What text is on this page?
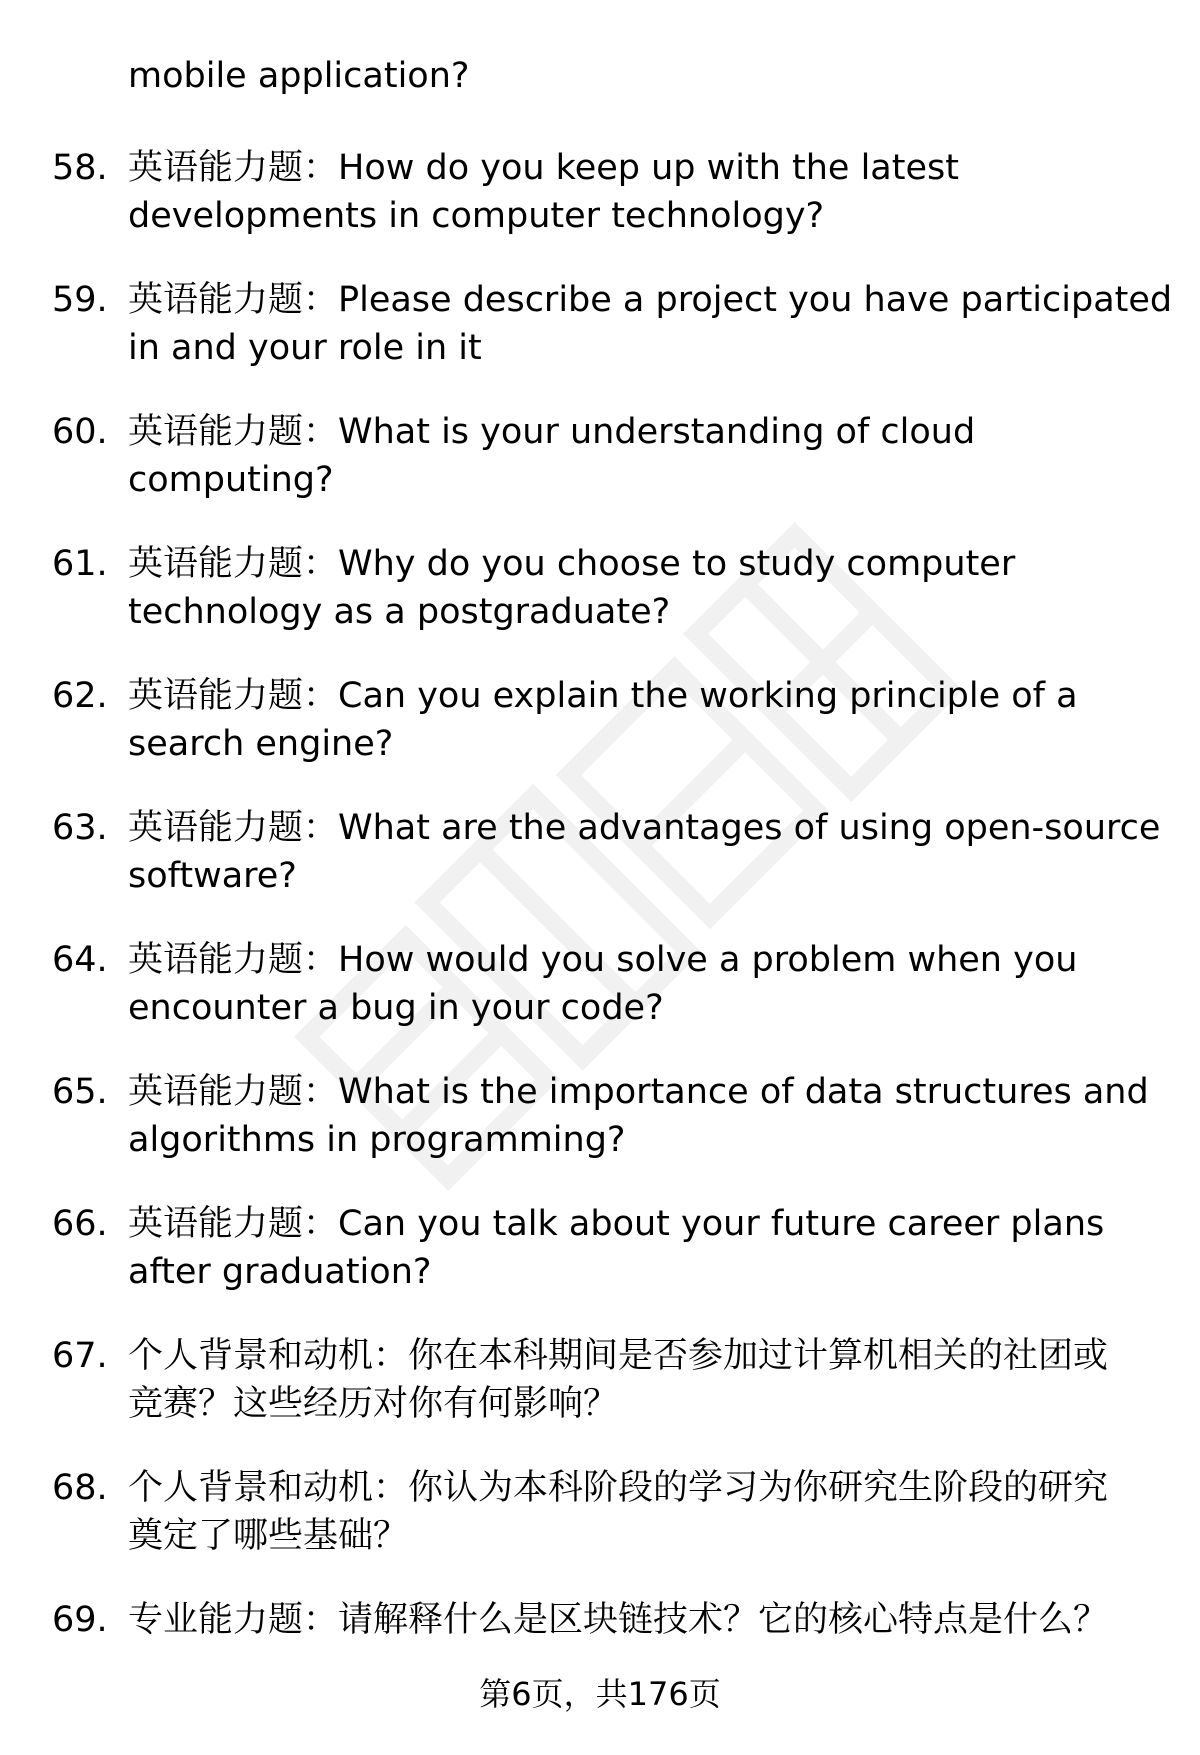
mobile application?
58. 英语能力题：How do you keep up with the latest
developments in computer technology?
59. 英语能力题：Please describe a project you have participated
in and your role in it
60. 英语能力题：What is your understanding of cloud
computing?
61. 英语能力题：Why do you choose to study computer
technology as a postgraduate?
62. 英语能力题：Can you explain the working principle of a
search engine?
63. 英语能力题：What are the advantages of using open-source
software?
64. 英语能力题：How would you solve a problem when you
encounter a bug in your code?
65. 英语能力题：What is the importance of data structures and
algorithms in programming?
66. 英语能力题：Can you talk about your future career plans
after graduation?
67. 个人背景和动机：你在本科期间是否参加过计算机相关的社团或
竞赛？这些经历对你有何影响？
68. 个人背景和动机：你认为本科阶段的学习为你研究生阶段的研究
奠定了哪些基础？
69. 专业能力题：请解释什么是区块链技术？它的核心特点是什么？
第6页，共176页
